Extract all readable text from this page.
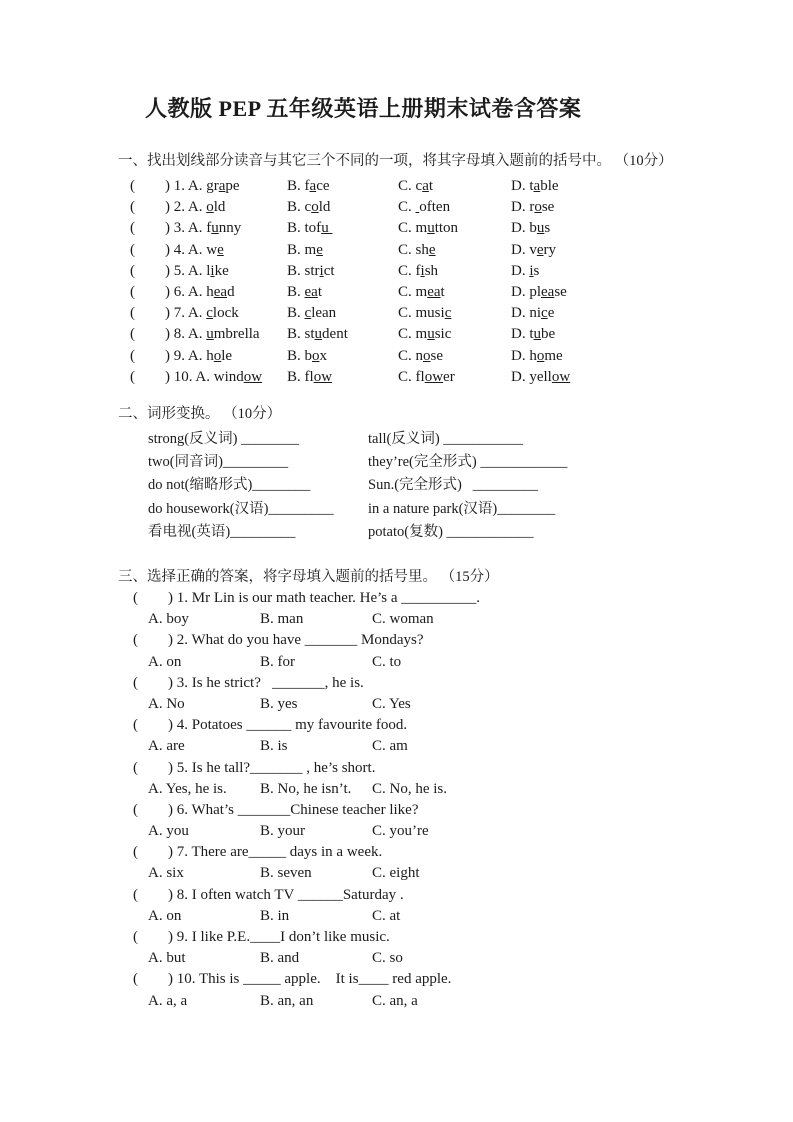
人教版 PEP 五年级英语上册期末试卷含答案
一、找出划线部分读音与其它三个不同的一项，将其字母填入题前的括号中。 （10分）
(        ) 1. A. grape	B. face	C. cat	D. table
(        ) 2. A. old	B. cold	C.  often	D. rose
(        ) 3. A. funny	B. tofu	C. mutton	D. bus
(        ) 4. A. we	B. me	C. she	D. very
(        ) 5. A. like	B. strict	C. fish	D. is
(        ) 6. A. head	B. eat	C. meat	D. please
(        ) 7. A. clock	B. clean	C. music	D. nice
(        ) 8. A. umbrella B. student	C. music	D. tube
(        ) 9. A. hole	B. box	C. nose	D. home
(        ) 10. A. window B. flow	C. flower	D. yellow
二、词形变换。 （10分）
strong(反义词) ________	tall(反义词) ___________
two(同音词)_________	they’re(完全形式) ____________
do not(缩略形式)________	Sun.(完全形式)   _________
do housework(汉语)_________ in a nature park(汉语)________
看电视(英语)_________	potato(复数) ____________
三、选择正确的答案，将字母填入题前的括号里。 （15分）
(        ) 1. Mr Lin is our math teacher. He’s a __________.
A. boy	B. man	C. woman
(        ) 2. What do you have _______ Mondays?
A. on	B. for	C. to
(        ) 3. Is he strict?   _______, he is.
A. No	B. yes	C. Yes
(        ) 4. Potatoes ______ my favourite food.
A. are	B. is	C. am
(        ) 5. Is he tall?_______ , he’s short.
A. Yes, he is. B. No, he isn’t. C. No, he is.
(        ) 6. What’s _______Chinese teacher like?
A. you	B. your	C. you’re
(        ) 7. There are_____ days in a week.
A. six	B. seven	C. eight
(        ) 8. I often watch TV ______Saturday .
A. on	B. in	C. at
(        ) 9. I like P.E.____I don’t like music.
A. but	B. and	C. so
(        ) 10. This is _____ apple.    It is____ red apple.
A. a, a	B. an, an	C. an, a
